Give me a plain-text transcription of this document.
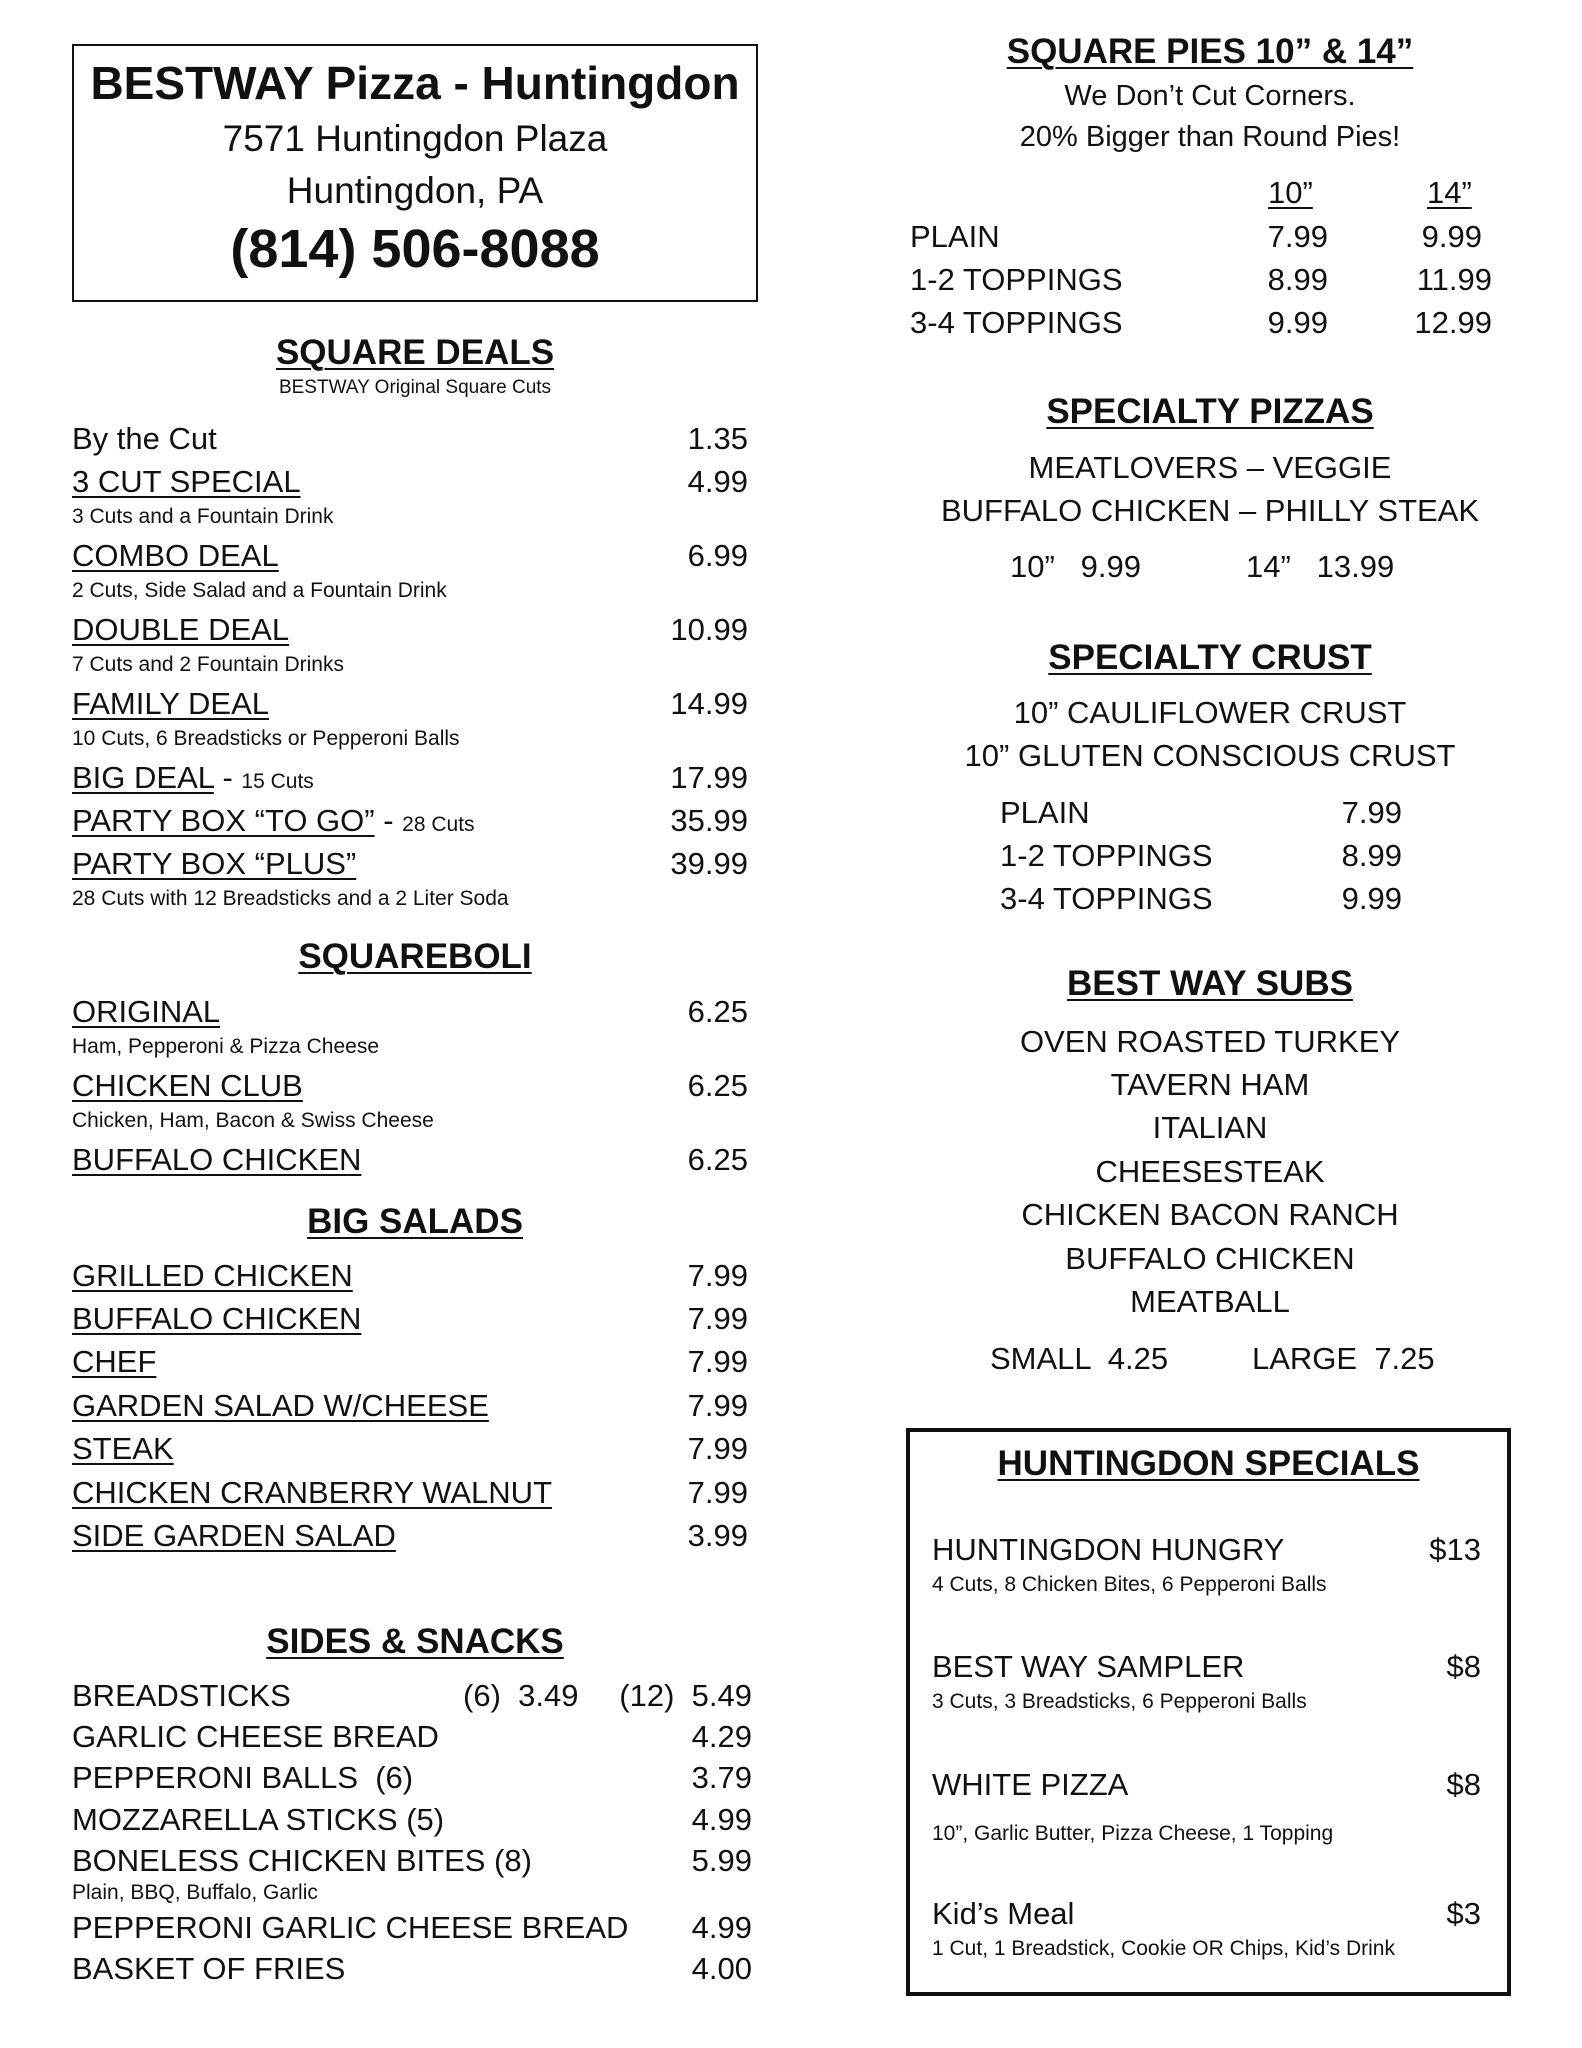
BESTWAY Pizza - Huntingdon
7571 Huntingdon Plaza
Huntingdon, PA
(814) 506-8088
SQUARE DEALS
BESTWAY Original Square Cuts
By the Cut	1.35
3 CUT SPECIAL	4.99
3 Cuts and a Fountain Drink
COMBO DEAL	6.99
2 Cuts, Side Salad and a Fountain Drink
DOUBLE DEAL	10.99
7 Cuts and 2 Fountain Drinks
FAMILY DEAL	14.99
10 Cuts, 6 Breadsticks or Pepperoni Balls
BIG DEAL - 15 Cuts	17.99
PARTY BOX “TO GO” - 28 Cuts	35.99
PARTY BOX “PLUS”	39.99
28 Cuts with 12 Breadsticks and a 2 Liter Soda
SQUAREBOLI
ORIGINAL	6.25
Ham, Pepperoni & Pizza Cheese
CHICKEN CLUB	6.25
Chicken, Ham, Bacon & Swiss Cheese
BUFFALO CHICKEN	6.25
BIG SALADS
GRILLED CHICKEN	7.99
BUFFALO CHICKEN	7.99
CHEF	7.99
GARDEN SALAD W/CHEESE	7.99
STEAK	7.99
CHICKEN CRANBERRY WALNUT	7.99
SIDE GARDEN SALAD	3.99
SIDES & SNACKS
BREADSTICKS	(6)  3.49 (12)  5.49
GARLIC CHEESE BREAD	4.29
PEPPERONI BALLS  (6)	3.79
MOZZARELLA STICKS (5)	4.99
BONELESS CHICKEN BITES (8)	5.99
Plain, BBQ, Buffalo, Garlic
PEPPERONI GARLIC CHEESE BREAD 4.99
BASKET OF FRIES	4.00
SQUARE PIES 10” & 14”
We Don’t Cut Corners.
20% Bigger than Round Pies!
10”	14”
PLAIN	7.99	9.99
1-2 TOPPINGS	8.99	11.99
3-4 TOPPINGS	9.99	12.99
SPECIALTY PIZZAS
MEATLOVERS – VEGGIE
BUFFALO CHICKEN – PHILLY STEAK
10”   9.99	14”   13.99
SPECIALTY CRUST
10” CAULIFLOWER CRUST
10” GLUTEN CONSCIOUS CRUST
PLAIN	7.99
1-2 TOPPINGS	8.99
3-4 TOPPINGS	9.99
BEST WAY SUBS
OVEN ROASTED TURKEY
TAVERN HAM
ITALIAN
CHEESESTEAK
CHICKEN BACON RANCH
BUFFALO CHICKEN
MEATBALL
SMALL  4.25	LARGE  7.25
HUNTINGDON SPECIALS
HUNTINGDON HUNGRY	$13
4 Cuts, 8 Chicken Bites, 6 Pepperoni Balls
BEST WAY SAMPLER	$8
3 Cuts, 3 Breadsticks, 6 Pepperoni Balls
WHITE PIZZA	$8
10”, Garlic Butter, Pizza Cheese, 1 Topping
Kid’s Meal	$3
1 Cut, 1 Breadstick, Cookie OR Chips, Kid’s Drink
